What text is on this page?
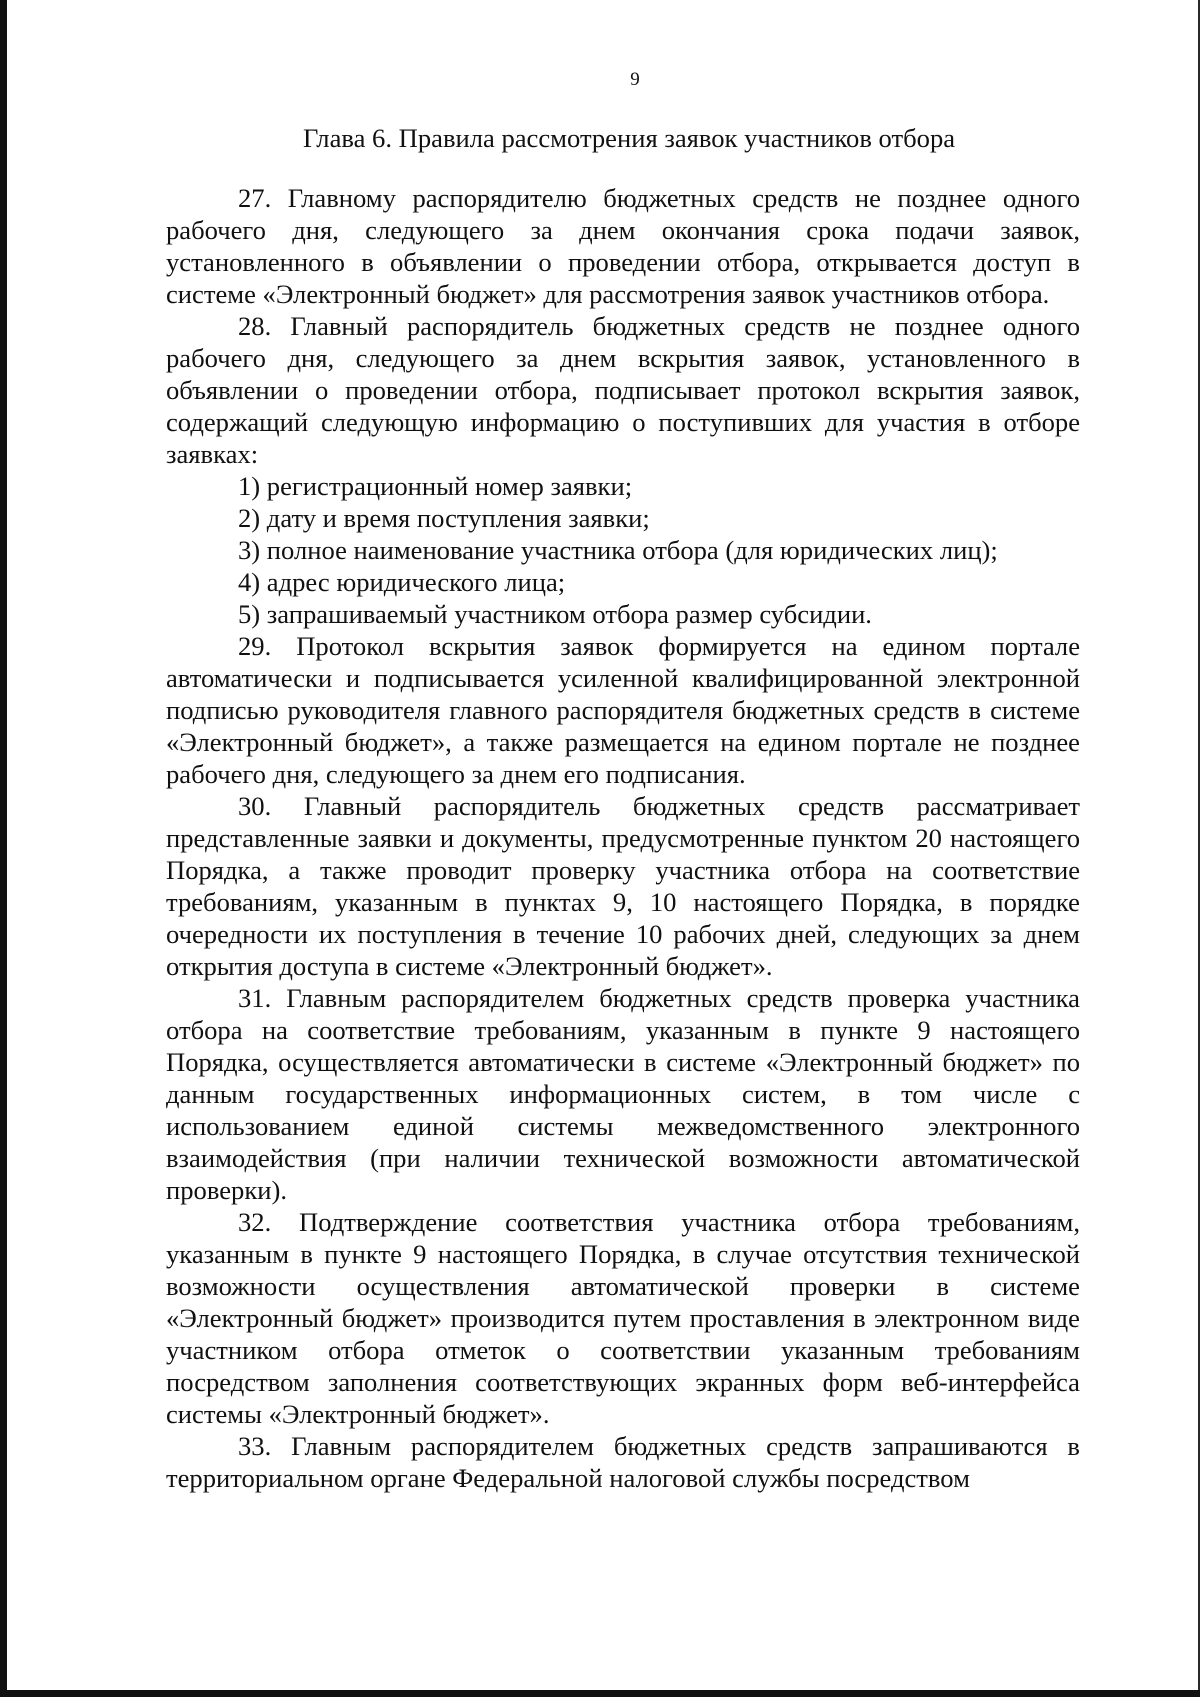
9
Глава 6. Правила рассмотрения заявок участников отбора

27. Главному распорядителю бюджетных средств не позднее одного рабочего дня, следующего за днем окончания срока подачи заявок, установленного в объявлении о проведении отбора, открывается доступ в системе «Электронный бюджет» для рассмотрения заявок участников отбора.

28. Главный распорядитель бюджетных средств не позднее одного рабочего дня, следующего за днем вскрытия заявок, установленного в объявлении о проведении отбора, подписывает протокол вскрытия заявок, содержащий следующую информацию о поступивших для участия в отборе заявках:

1) регистрационный номер заявки;

2) дату и время поступления заявки;

3) полное наименование участника отбора (для юридических лиц);

4) адрес юридического лица;

5) запрашиваемый участником отбора размер субсидии.

29. Протокол вскрытия заявок формируется на едином портале автоматически и подписывается усиленной квалифицированной электронной подписью руководителя главного распорядителя бюджетных средств в системе «Электронный бюджет», а также размещается на едином портале не позднее рабочего дня, следующего за днем его подписания.

30. Главный распорядитель бюджетных средств рассматривает представленные заявки и документы, предусмотренные пунктом 20 настоящего Порядка, а также проводит проверку участника отбора на соответствие требованиям, указанным в пунктах 9, 10 настоящего Порядка, в порядке очередности их поступления в течение 10 рабочих дней, следующих за днем открытия доступа в системе «Электронный бюджет».

31. Главным распорядителем бюджетных средств проверка участника отбора на соответствие требованиям, указанным в пункте 9 настоящего Порядка, осуществляется автоматически в системе «Электронный бюджет» по данным государственных информационных систем, в том числе с использованием единой системы межведомственного электронного взаимодействия (при наличии технической возможности автоматической проверки).

32. Подтверждение соответствия участника отбора требованиям, указанным в пункте 9 настоящего Порядка, в случае отсутствия технической возможности осуществления автоматической проверки в системе «Электронный бюджет» производится путем проставления в электронном виде участником отбора отметок о соответствии указанным требованиям посредством заполнения соответствующих экранных форм веб-интерфейса системы «Электронный бюджет».

33. Главным распорядителем бюджетных средств запрашиваются в территориальном органе Федеральной налоговой службы посредством
